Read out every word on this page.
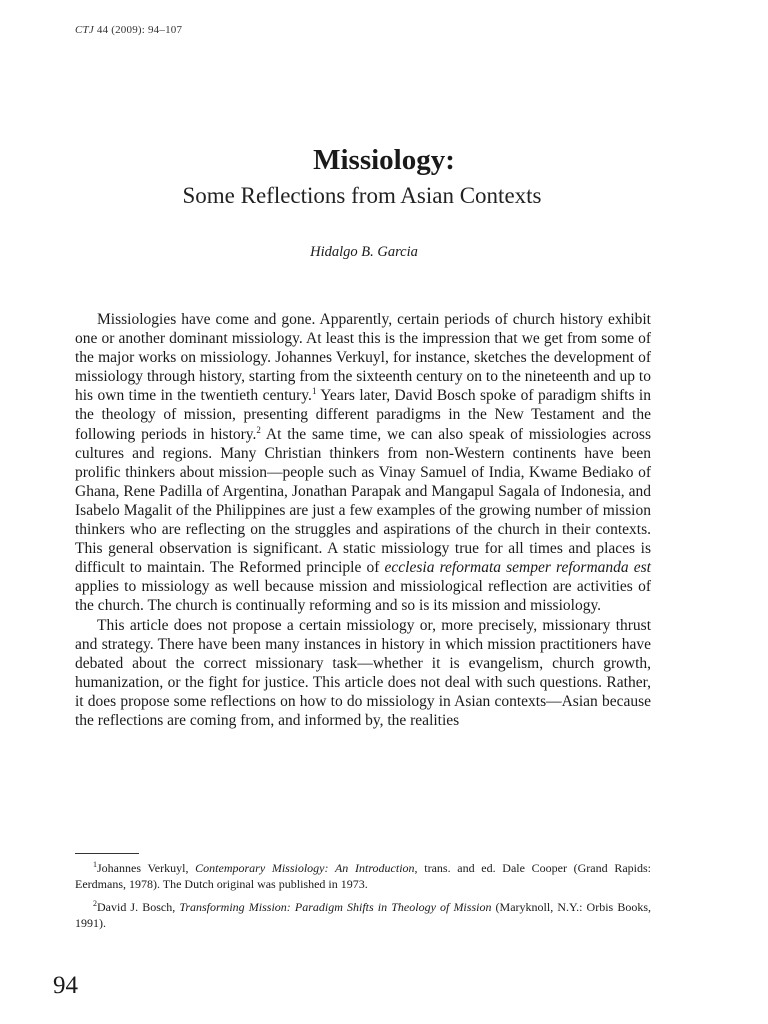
CTJ 44 (2009): 94–107
Missiology:
Some Reflections from Asian Contexts
Hidalgo B. Garcia

Missiologies have come and gone. Apparently, certain periods of church history exhibit one or another dominant missiology. At least this is the impression that we get from some of the major works on missiology. Johannes Verkuyl, for instance, sketches the development of missiology through history, starting from the sixteenth century on to the nineteenth and up to his own time in the twentieth century.$^1$ Years later, David Bosch spoke of paradigm shifts in the theology of mission, presenting different paradigms in the New Testament and the following periods in history.$^2$ At the same time, we can also speak of missiologies across cultures and regions. Many Christian thinkers from non-Western continents have been prolific thinkers about mission—people such as Vinay Samuel of India, Kwame Bediako of Ghana, Rene Padilla of Argentina, Jonathan Parapak and Mangapul Sagala of Indonesia, and Isabelo Magalit of the Philippines are just a few examples of the growing number of mission thinkers who are reflecting on the struggles and aspirations of the church in their contexts. This general observation is significant. A static missiology true for all times and places is difficult to maintain. The Reformed principle of ecclesia reformata semper reformanda est applies to missiology as well because mission and missiological reflection are activities of the church. The church is continually reforming and so is its mission and missiology.

This article does not propose a certain missiology or, more precisely, missionary thrust and strategy. There have been many instances in history in which mission practitioners have debated about the correct missionary task—whether it is evangelism, church growth, humanization, or the fight for justice. This article does not deal with such questions. Rather, it does propose some reflections on how to do missiology in Asian contexts—Asian because the reflections are coming from, and informed by, the realities

$^1$Johannes Verkuyl, Contemporary Missiology: An Introduction, trans. and ed. Dale Cooper (Grand Rapids: Eerdmans, 1978). The Dutch original was published in 1973.

$^2$David J. Bosch, Transforming Mission: Paradigm Shifts in Theology of Mission (Maryknoll, N.Y.: Orbis Books, 1991).

94
